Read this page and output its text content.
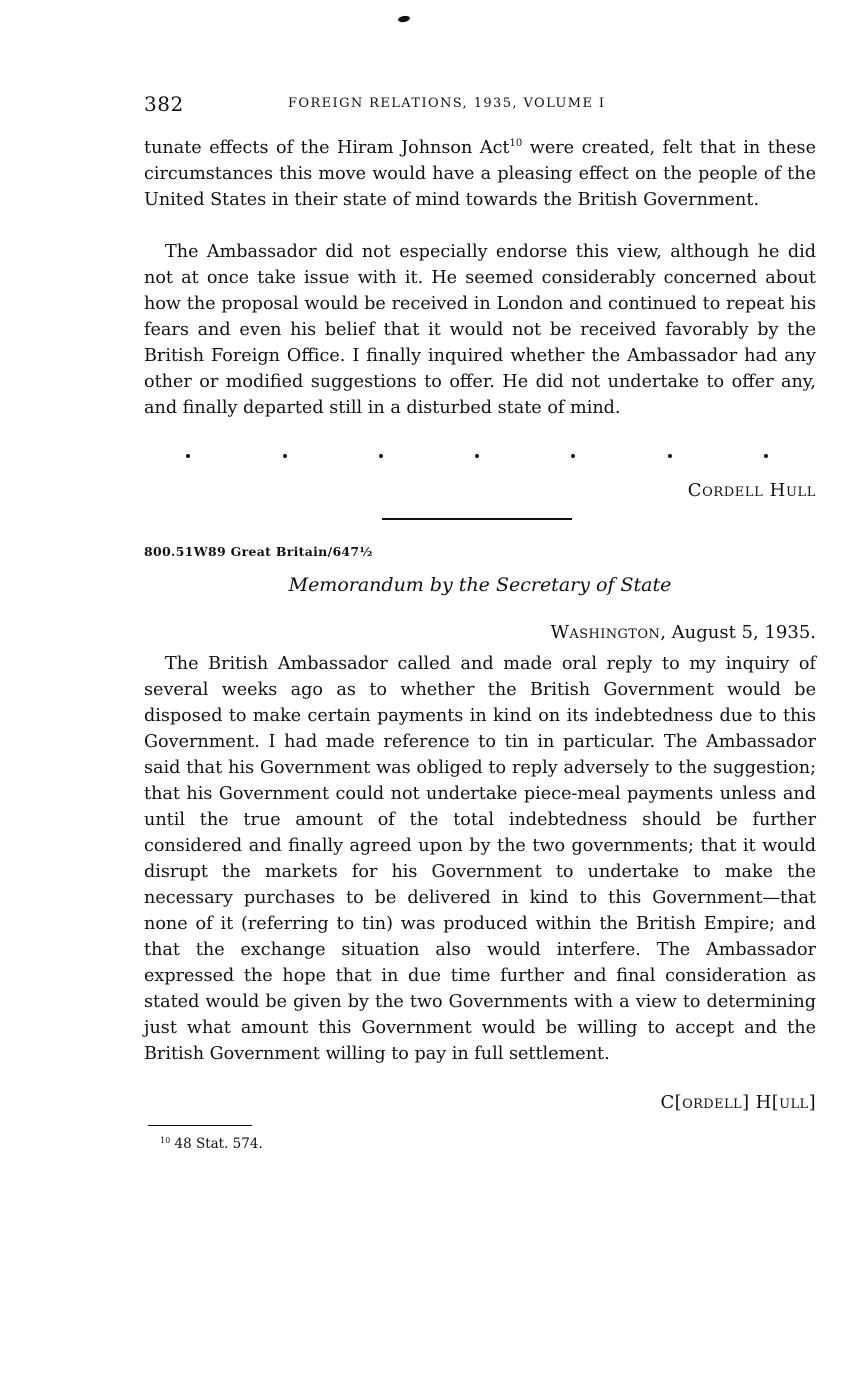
382	FOREIGN RELATIONS, 1935, VOLUME I

tunate effects of the Hiram Johnson Act$^{10}$ were created, felt that in these circumstances this move would have a pleasing effect on the people of the United States in their state of mind towards the British Government.

The Ambassador did not especially endorse this view, although he did not at once take issue with it. He seemed considerably concerned about how the proposal would be received in London and continued to repeat his fears and even his belief that it would not be received favorably by the British Foreign Office. I finally inquired whether the Ambassador had any other or modified suggestions to offer. He did not undertake to offer any, and finally departed still in a disturbed state of mind.

Cordell Hull
800.51W89 Great Britain/647½
Memorandum by the Secretary of State
Washington, August 5, 1935.

The British Ambassador called and made oral reply to my inquiry of several weeks ago as to whether the British Government would be disposed to make certain payments in kind on its indebtedness due to this Government. I had made reference to tin in particular. The Ambassador said that his Government was obliged to reply adversely to the suggestion; that his Government could not undertake piece-meal payments unless and until the true amount of the total indebtedness should be further considered and finally agreed upon by the two governments; that it would disrupt the markets for his Government to undertake to make the necessary purchases to be delivered in kind to this Government—that none of it (referring to tin) was produced within the British Empire; and that the exchange situation also would interfere. The Ambassador expressed the hope that in due time further and final consideration as stated would be given by the two Governments with a view to determining just what amount this Government would be willing to accept and the British Government willing to pay in full settlement.

C[ordell] H[ull]
$^{10}$ 48 Stat. 574.
